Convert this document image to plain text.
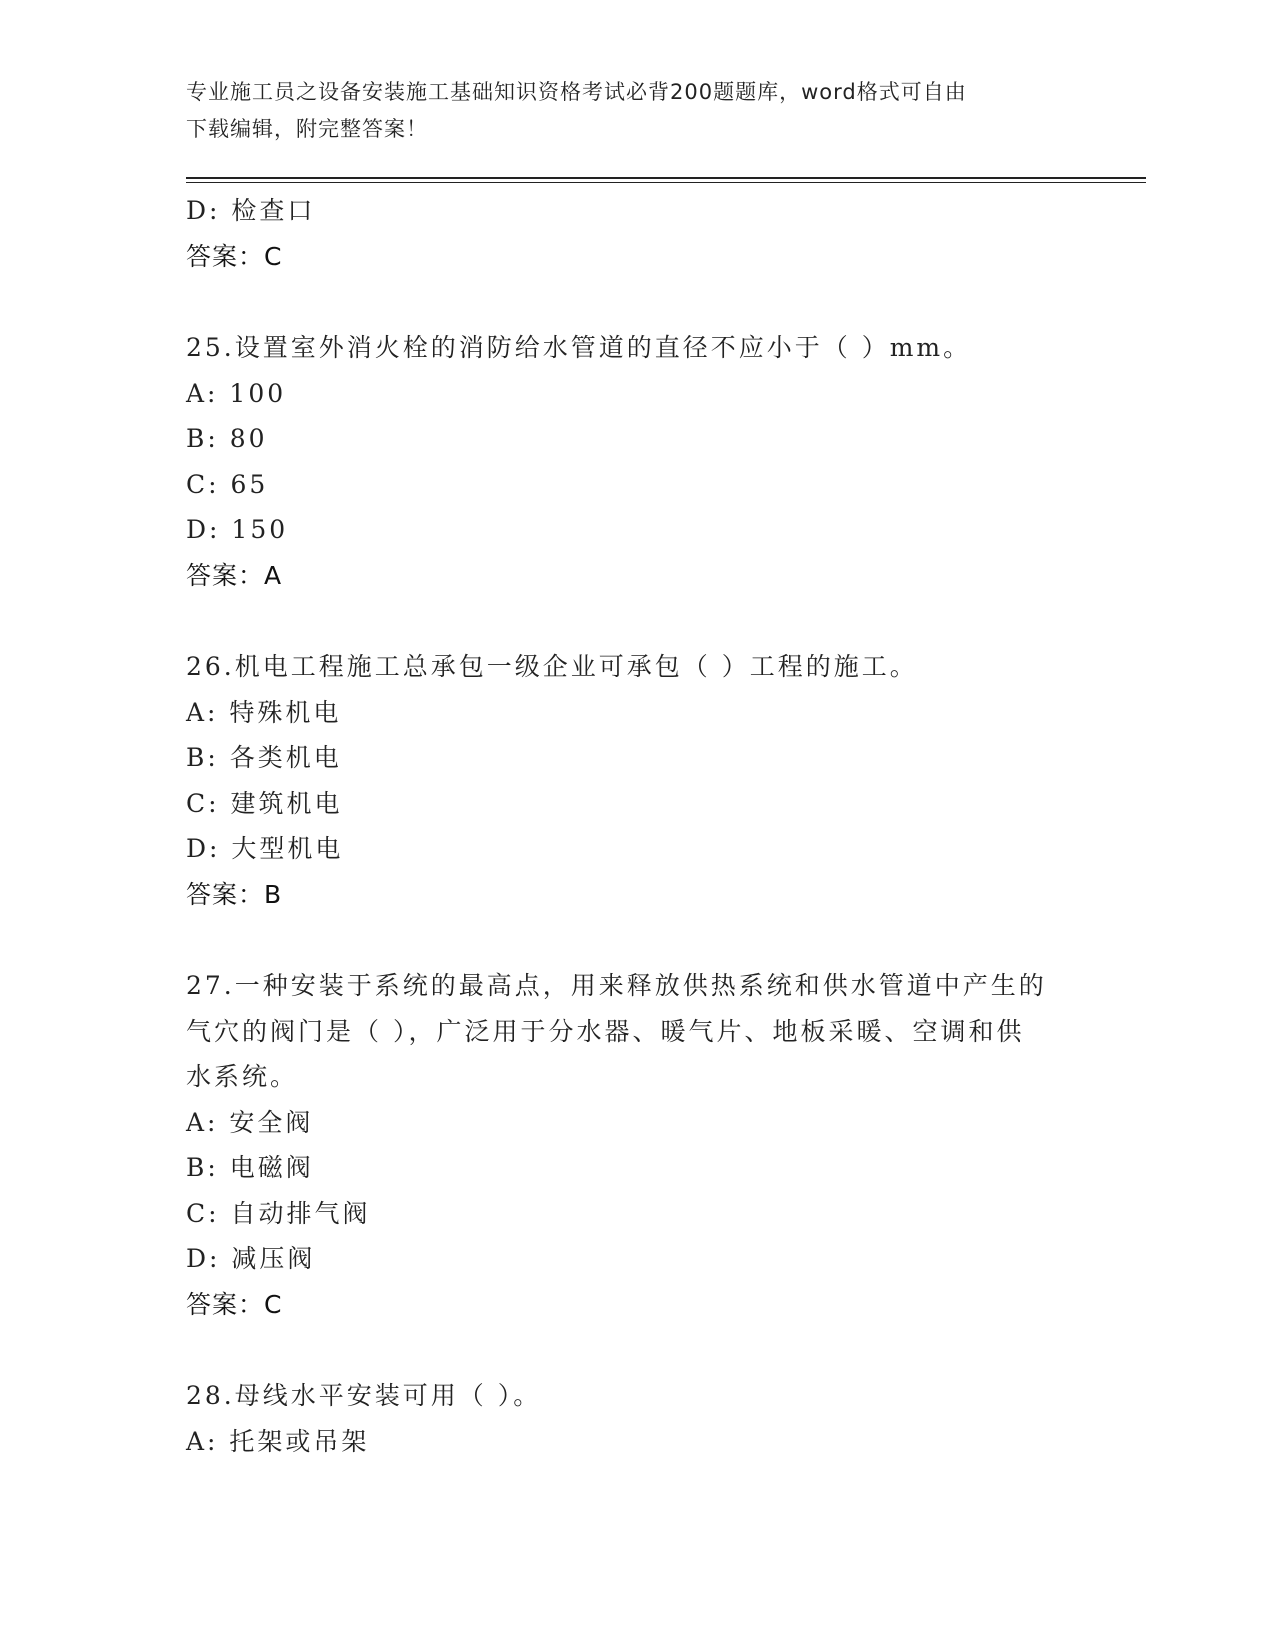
专业施工员之设备安装施工基础知识资格考试必背200题题库，word格式可自由
下载编辑，附完整答案！
D: 检查口
答案：C
25.设置室外消火栓的消防给水管道的直径不应小于（ ）mm。
A: 100
B: 80
C: 65
D: 150
答案：A
26.机电工程施工总承包一级企业可承包（ ）工程的施工。
A: 特殊机电
B: 各类机电
C: 建筑机电
D: 大型机电
答案：B
27.一种安装于系统的最高点，用来释放供热系统和供水管道中产生的
气穴的阀门是（ ），广泛用于分水器、暖气片、地板采暖、空调和供
水系统。
A: 安全阀
B: 电磁阀
C: 自动排气阀
D: 减压阀
答案：C
28.母线水平安装可用（ ）。
A: 托架或吊架
